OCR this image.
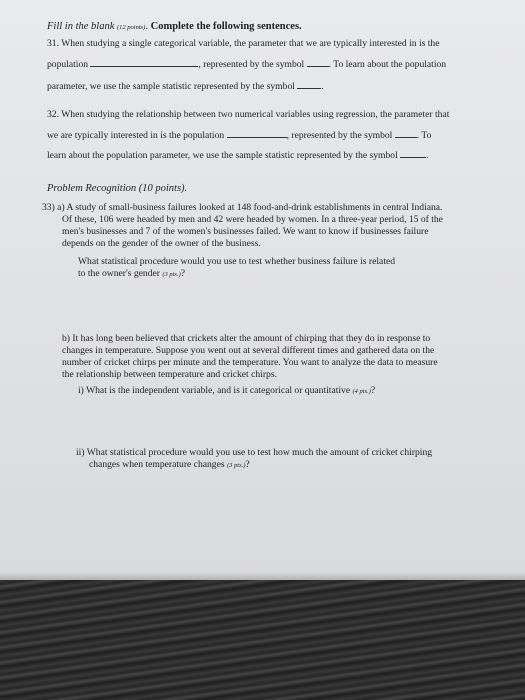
Fill in the blank (12 points). Complete the following sentences.
31. When studying a single categorical variable, the parameter that we are typically interested in is the
population	, represented by the symbol	. To learn about the population
parameter, we use the sample statistic represented by the symbol	.
32. When studying the relationship between two numerical variables using regression, the parameter that
we are typically interested in is the population	, represented by the symbol	. To
learn about the population parameter, we use the sample statistic represented by the symbol	.
Problem Recognition (10 points).
33) a) A study of small-business failures looked at 148 food-and-drink establishments in central Indiana.
Of these, 106 were headed by men and 42 were headed by women. In a three-year period, 15 of the
men's businesses and 7 of the women's businesses failed. We want to know if businesses failure
depends on the gender of the owner of the business.
What statistical procedure would you use to test whether business failure is related
to the owner's gender (3 pts.)?
b) It has long been believed that crickets alter the amount of chirping that they do in response to
changes in temperature. Suppose you went out at several different times and gathered data on the
number of cricket chirps per minute and the temperature. You want to analyze the data to measure
the relationship between temperature and cricket chirps.
i) What is the independent variable, and is it categorical or quantitative (4 pts.)?
ii) What statistical procedure would you use to test how much the amount of cricket chirping
changes when temperature changes (3 pts.)?
